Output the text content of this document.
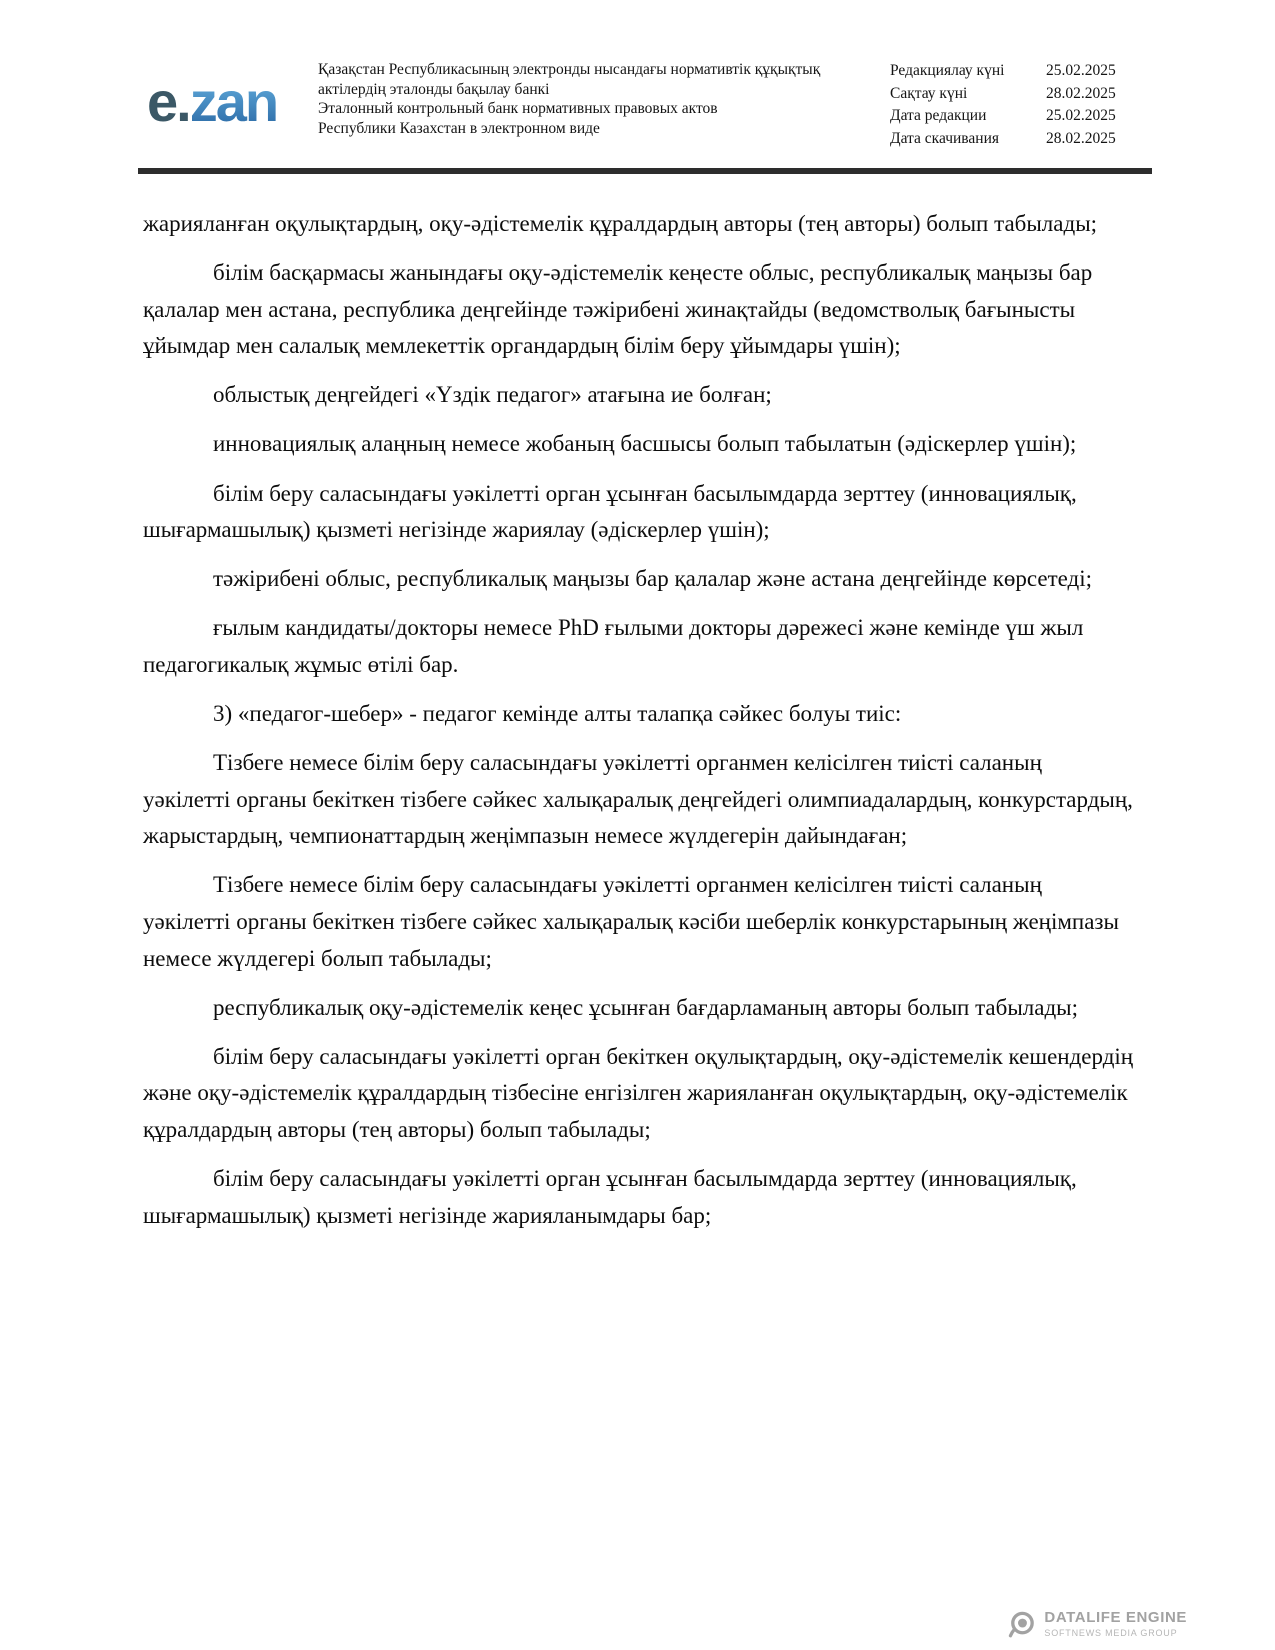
e.zan
Қазақстан Республикасының электронды нысандағы нормативтік құқықтық актілердің эталонды бақылау банкі
Эталонный контрольный банк нормативных правовых актов
Республики Казахстан в электронном виде
Редакциялау күні	25.02.2025
Сақтау күні	28.02.2025
Дата редакции	25.02.2025
Дата скачивания	28.02.2025

жарияланған оқулықтардың, оқу-әдістемелік құралдардың авторы (тең авторы) болып табылады;

білім басқармасы жанындағы оқу-әдістемелік кеңесте облыс, республикалық маңызы бар қалалар мен астана, республика деңгейінде тәжірибені жинақтайды (ведомстволық бағынысты ұйымдар мен салалық мемлекеттік органдардың білім беру ұйымдары үшін);

облыстық деңгейдегі «Үздік педагог» атағына ие болған;

инновациялық алаңның немесе жобаның басшысы болып табылатын (әдіскерлер үшін);

білім беру саласындағы уәкілетті орган ұсынған басылымдарда зерттеу (инновациялық, шығармашылық) қызметі негізінде жариялау (әдіскерлер үшін);

тәжірибені облыс, республикалық маңызы бар қалалар және астана деңгейінде көрсетеді;

ғылым кандидаты/докторы немесе PhD ғылыми докторы дәрежесі және кемінде үш жыл педагогикалық жұмыс өтілі бар.

3) «педагог-шебер» - педагог кемінде алты талапқа сәйкес болуы тиіс:

Тізбеге немесе білім беру саласындағы уәкілетті органмен келісілген тиісті саланың уәкілетті органы бекіткен тізбеге сәйкес халықаралық деңгейдегі олимпиадалардың, конкурстардың, жарыстардың, чемпионаттардың жеңімпазын немесе жүлдегерін дайындаған;

Тізбеге немесе білім беру саласындағы уәкілетті органмен келісілген тиісті саланың уәкілетті органы бекіткен тізбеге сәйкес халықаралық кәсіби шеберлік конкурстарының жеңімпазы немесе жүлдегері болып табылады;

республикалық оқу-әдістемелік кеңес ұсынған бағдарламаның авторы болып табылады;

білім беру саласындағы уәкілетті орган бекіткен оқулықтардың, оқу-әдістемелік кешендердің және оқу-әдістемелік құралдардың тізбесіне енгізілген жарияланған оқулықтардың, оқу-әдістемелік құралдардың авторы (тең авторы) болып табылады;

білім беру саласындағы уәкілетті орган ұсынған басылымдарда зерттеу (инновациялық, шығармашылық) қызметі негізінде жарияланымдары бар;

DATALIFE ENGINE
SOFTNEWS MEDIA GROUP
